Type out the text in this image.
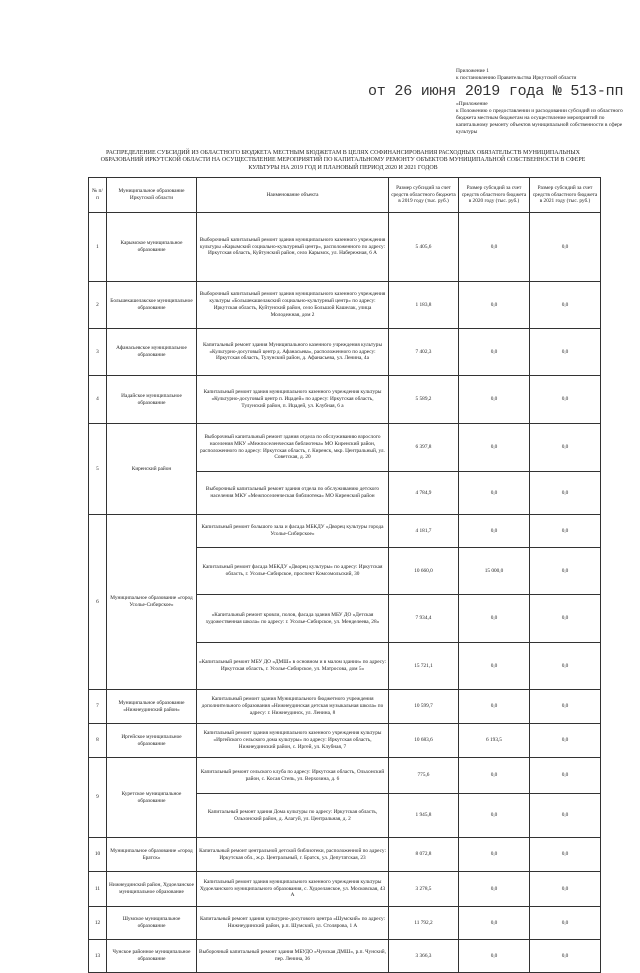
Приложение 1
к постановлению Правительства Иркутской области
от 26 июня 2019 года № 513-пп
«Приложение
к Положению о предоставлении и расходовании субсидий из областного бюджета местным бюджетам на осуществление мероприятий по капитальному ремонту объектов муниципальной собственности в сфере культуры
РАСПРЕДЕЛЕНИЕ СУБСИДИЙ ИЗ ОБЛАСТНОГО БЮДЖЕТА МЕСТНЫМ БЮДЖЕТАМ В ЦЕЛЯХ СОФИНАНСИРОВАНИЯ РАСХОДНЫХ ОБЯЗАТЕЛЬСТВ МУНИЦИПАЛЬНЫХ ОБРАЗОВАНИЙ ИРКУТСКОЙ ОБЛАСТИ НА ОСУЩЕСТВЛЕНИЕ МЕРОПРИЯТИЙ ПО КАПИТАЛЬНОМУ РЕМОНТУ ОБЪЕКТОВ МУНИЦИПАЛЬНОЙ СОБСТВЕННОСТИ В СФЕРЕ КУЛЬТУРЫ НА 2019 ГОД И ПЛАНОВЫЙ ПЕРИОД 2020 И 2021 ГОДОВ
№ п/п	Муниципальное образование Иркутской области	Наименование объекта	Размер субсидий за счет средств областного бюджета в 2019 году (тыс. руб.)	Размер субсидий за счет средств областного бюджета в 2020 году (тыс. руб.)	Размер субсидий за счет средств областного бюджета в 2021 году (тыс. руб.)
1	Карымское муниципальное образование	Выборочный капитальный ремонт здания муниципального казенного учреждения культуры «Карымский социально-культурный центр», расположенного по адресу: Иркутская область, Куйтунский район, село Карымск, ул. Набережная, 6 А	5 405,6	0,0	0,0
2	Большекашелакское муниципальное образование	Выборочный капитальный ремонт здания муниципального казенного учреждения культуры «Большекашелакский социально-культурный центр» по адресу: Иркутская область, Куйтунский район, село Большой Кашелак, улица Молодежная, дом 2	1 183,8	0,0	0,0
3	Афанасьевское муниципальное образование	Капитальный ремонт здания Муниципального казенного учреждения культуры «Культурно-досуговый центр д. Афанасьева», расположенного по адресу: Иркутская область, Тулунский район, д. Афанасьева, ул. Ленина, 4а	7 402,3	0,0	0,0
4	Иадайское муниципальное образование	Капитальный ремонт здания муниципального казенного учреждения культуры «Культурно-досуговый центр п. Ицадей» по адресу: Иркутская область, Тулунский район, п. Ицадей, ул. Клубная, 6 а	5 589,2	0,0	0,0
5	Киренский район	Выборочный капитальный ремонт здания отдела по обслуживанию взрослого населения МКУ «Межпоселенческая библиотека» МО Киренский район, расположенного по адресу: Иркутская область, г. Киренск, мкр. Центральный, ул. Советская, д. 20	6 397,8	0,0	0,0
		Выборочный капитальный ремонт здания отдела по обслуживанию детского населения МКУ «Межпоселенческая библиотека» МО Киренский район	4 784,9	0,0	0,0
6	Муниципальное образование «город Усолье-Сибирское»	Капитальный ремонт большого зала и фасада МБКДУ «Дворец культуры города Усолье-Сибирское»	4 181,7	0,0	0,0
		Капитальный ремонт фасада МБКДУ «Дворец культуры» по адресу: Иркутская область, г. Усолье-Сибирское, проспект Комсомольский, 30	10 660,0	15 000,0	0,0
		«Капитальный ремонт кровли, полов, фасада здания МБУ ДО «Детская художественная школа» по адресу: г. Усолье-Сибирское, ул. Менделеева, 28»	7 934,4	0,0	0,0
		«Капитальный ремонт МБУ ДО «ДМШ» в основном и в малом здании» по адресу: Иркутская область, г. Усолье-Сибирское, ул. Матросова, дом 5»	15 721,1	0,0	0,0
7	Муниципальное образование «Нижнеудинский район»	Капитальный ремонт здания Муниципального бюджетного учреждения дополнительного образования «Нижнеудинская детская музыкальная школа» по адресу: г. Нижнеудинск, ул. Ленина, 8	10 599,7	0,0	0,0
8	Иргейское муниципальное образование	Капитальный ремонт здания муниципального казенного учреждения культуры «Иргейского сельского дома культуры» по адресу: Иркутская область, Нижнеудинский район, с. Иргей, ул. Клубная, 7	10 683,6	6 193,5	0,0
9	Куретское муниципальное образование	Капитальный ремонт сельского клуба по адресу: Иркутская область, Ольхонский район, с. Косая Степь, ул. Верхозина, д. 6	775,6	0,0	0,0
		Капитальный ремонт здания Дома культуры по адресу: Иркутская область, Ольхонский район, д. Алагуй, ул. Центральная, д. 2	1 945,8	0,0	0,0
10	Муниципальное образование «город Братск»	Капитальный ремонт центральной детской библиотеки, расположенной по адресу: Иркутская обл., ж.р. Центральный, г. Братск, ул. Депутатская, 23	8 072,8	0,0	0,0
11	Нижнеудинский район, Худоеланское муниципальное образование	Капитальный ремонт здания муниципального казенного учреждения культуры Худоеланского муниципального образования, с. Худоеланское, ул. Московская, 43 А	3 278,5	0,0	0,0
12	Шумское муниципальное образование	Капитальный ремонт здания культурно-досугового центра «Шумский» по адресу: Нижнеудинский район, р.п. Шумский, ул. Столярова, 1 А	11 792,2	0,0	0,0
13	Чунское районное муниципальное образование	Выборочный капитальный ремонт здания МБУДО «Чунская ДМШ», р.п. Чунский, пер. Ленина, 36	3 366,3	0,0	0,0
